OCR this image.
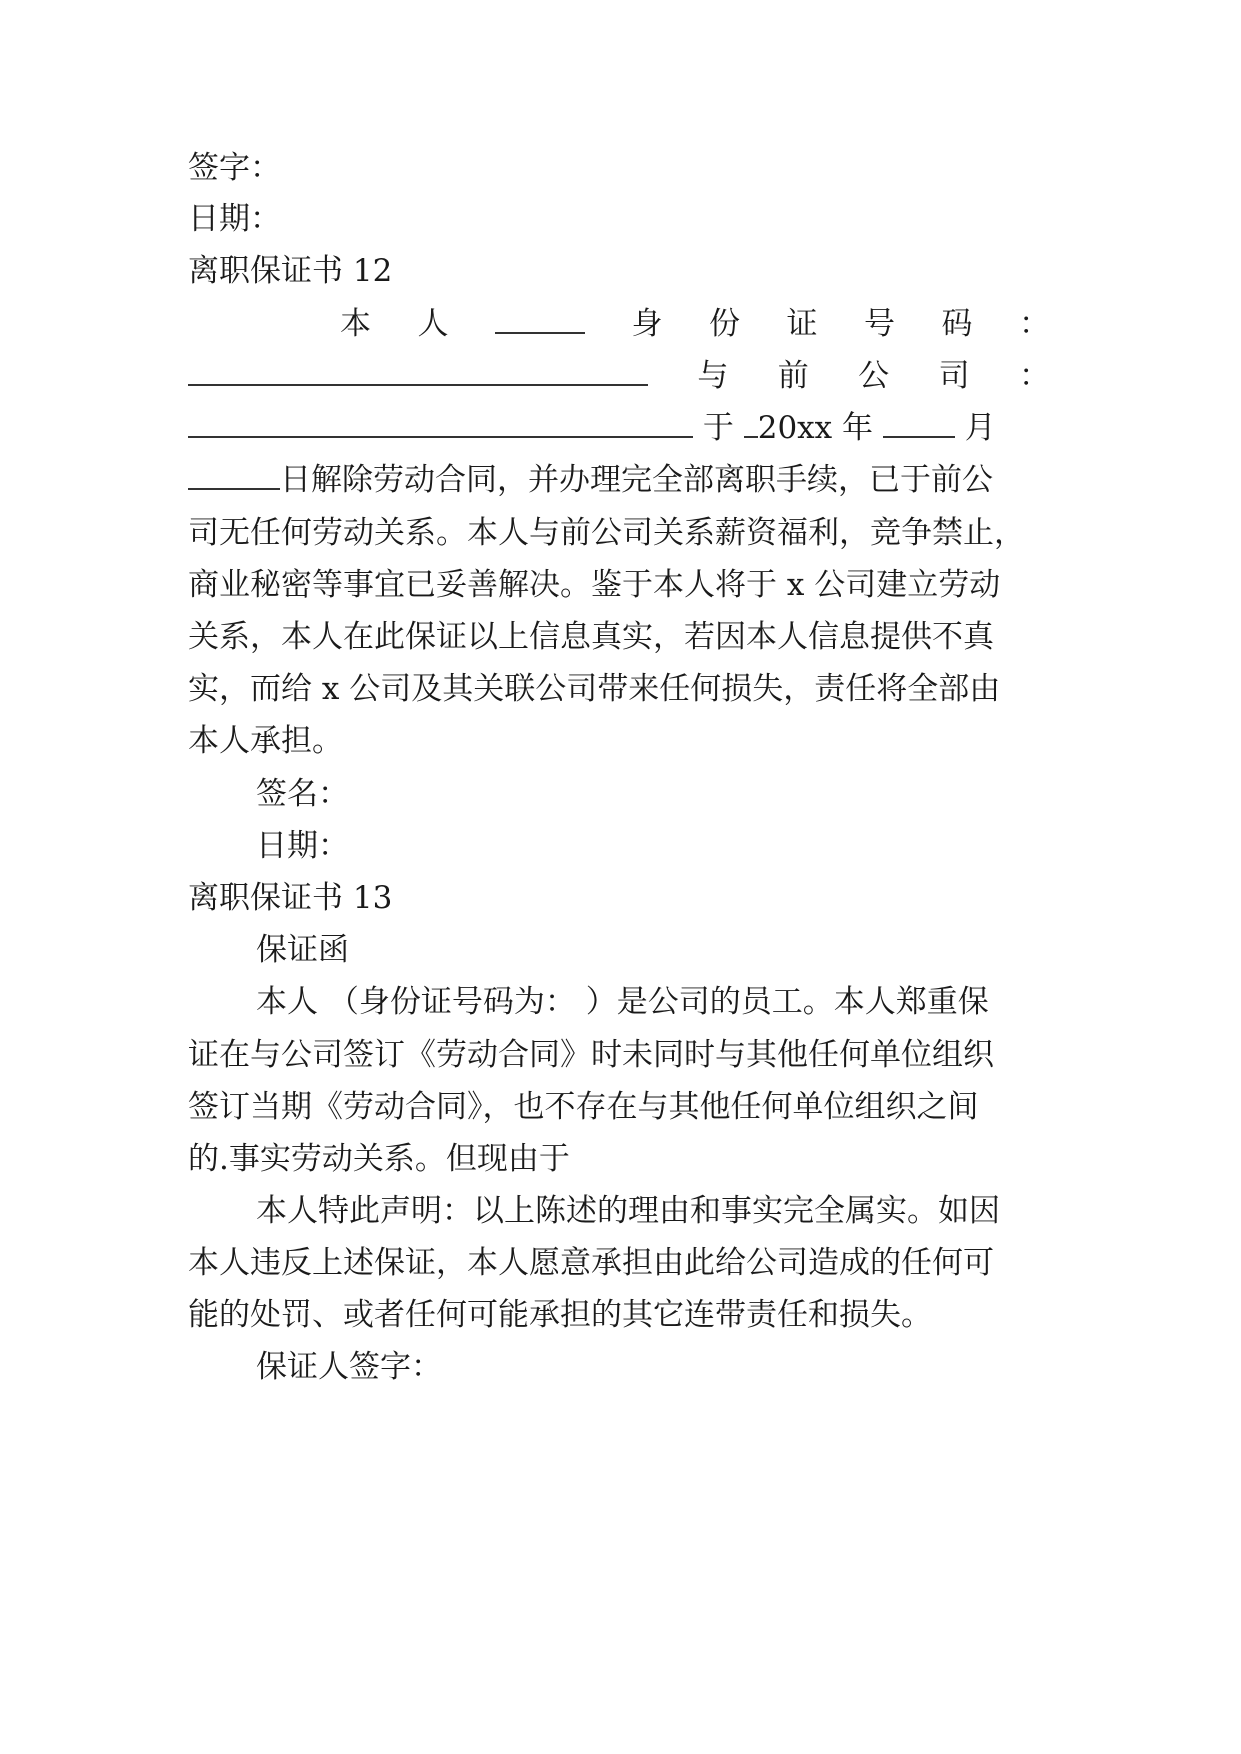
签字：
日期：
离职保证书 12
本 人	身 份 证 号 码 ：
与 前 公 司 ：
于 20xx 年	月
日解除劳动合同，并办理完全部离职手续，已于前公
司无任何劳动关系。本人与前公司关系薪资福利，竞争禁止，
商业秘密等事宜已妥善解决。鉴于本人将于 x 公司建立劳动
关系，本人在此保证以上信息真实，若因本人信息提供不真
实，而给 x 公司及其关联公司带来任何损失，责任将全部由
本人承担。
签名：
日期：
离职保证书 13
保证函
本人 （身份证号码为： ）是公司的员工。本人郑重保
证在与公司签订《劳动合同》时未同时与其他任何单位组织
签订当期《劳动合同》，也不存在与其他任何单位组织之间
的.事实劳动关系。但现由于
本人特此声明：以上陈述的理由和事实完全属实。如因
本人违反上述保证，本人愿意承担由此给公司造成的任何可
能的处罚、或者任何可能承担的其它连带责任和损失。
保证人签字：
